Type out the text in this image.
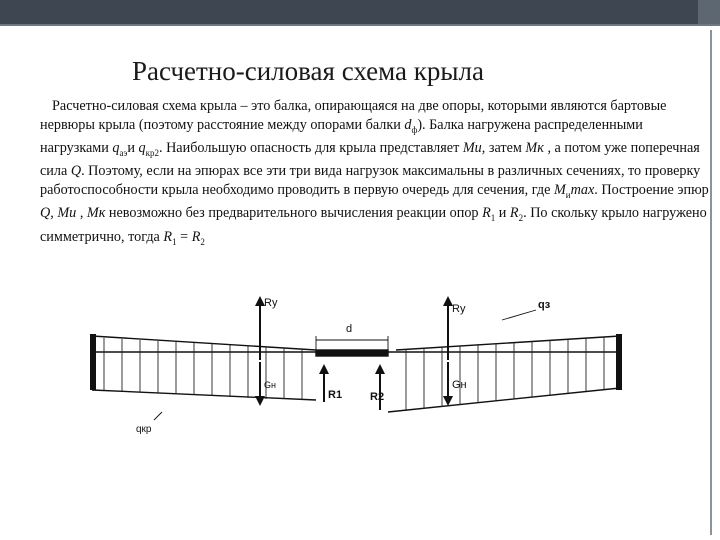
Расчетно-силовая схема крыла
Расчетно-силовая схема крыла – это балка, опирающаяся на две опоры, которыми являются бартовые нервюры крыла (поэтому расстояние между опорами балки $d_ф$). Балка нагружена распределенными нагрузками $q_{аэ}и$ $q_{кр2}$. Наибольшую опасность для крыла представляет Mи, затем Mк , а потом уже поперечная сила Q. Поэтому, если на эпюрах все эти три вида нагрузок максимальны в различных сечениях, то проверку работоспособности крыла необходимо проводить в первую очередь для сечения, где $M_и\max$. Построение эпюр Q, Mи , Mк невозможно без предварительного вычисления реакции опор $R_1$ и $R_2$. По скольку крыло нагружено симметрично, тогда $R_1 = R_2$
Ry	Ry	qз
d
Gн	Gн
R1	R2
qкр
